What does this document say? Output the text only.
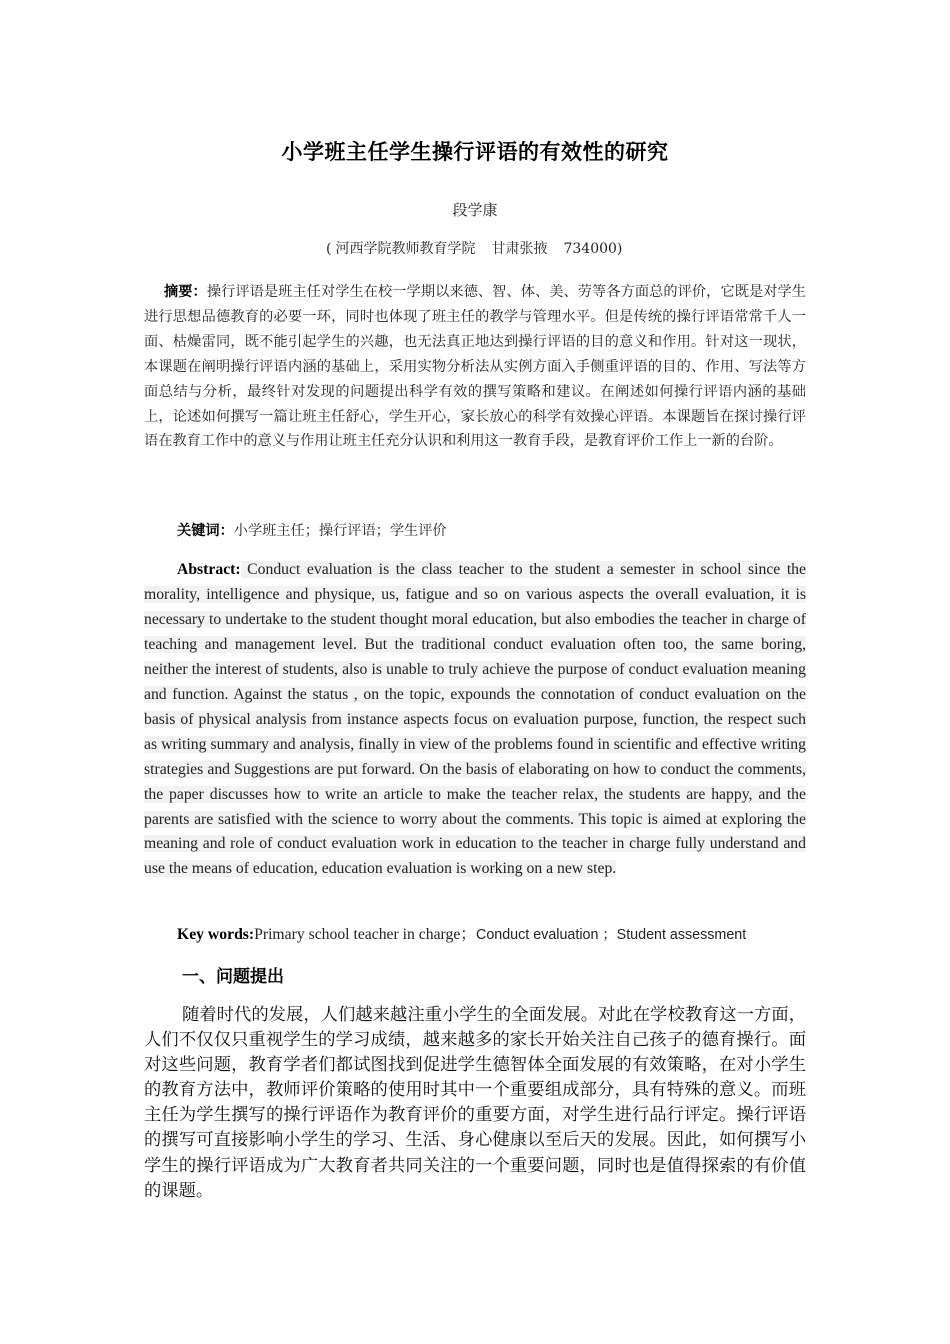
小学班主任学生操行评语的有效性的研究
段学康
( 河西学院教师教育学院 甘肃张掖 734000)
摘要：操行评语是班主任对学生在校一学期以来德、智、体、美、劳等各方面总的评价，它既是对学生进行思想品德教育的必要一环，同时也体现了班主任的教学与管理水平。但是传统的操行评语常常千人一面、枯燥雷同，既不能引起学生的兴趣，也无法真正地达到操行评语的目的意义和作用。针对这一现状，本课题在阐明操行评语内涵的基础上，采用实物分析法从实例方面入手侧重评语的目的、作用、写法等方面总结与分析，最终针对发现的问题提出科学有效的撰写策略和建议。在阐述如何操行评语内涵的基础上，论述如何撰写一篇让班主任舒心，学生开心，家长放心的科学有效操心评语。本课题旨在探讨操行评语在教育工作中的意义与作用让班主任充分认识和利用这一教育手段，是教育评价工作上一新的台阶。
关键词：小学班主任；操行评语；学生评价
Abstract: Conduct evaluation is the class teacher to the student a semester in school since the morality, intelligence and physique, us, fatigue and so on various aspects the overall evaluation, it is necessary to undertake to the student thought moral education, but also embodies the teacher in charge of teaching and management level. But the traditional conduct evaluation often too, the same boring, neither the interest of students, also is unable to truly achieve the purpose of conduct evaluation meaning and function. Against the status , on the topic, expounds the connotation of conduct evaluation on the basis of physical analysis from instance aspects focus on evaluation purpose, function, the respect such as writing summary and analysis, finally in view of the problems found in scientific and effective writing strategies and Suggestions are put forward. On the basis of elaborating on how to conduct the comments, the paper discusses how to write an article to make the teacher relax, the students are happy, and the parents are satisfied with the science to worry about the comments. This topic is aimed at exploring the meaning and role of conduct evaluation work in education to the teacher in charge fully understand and use the means of education, education evaluation is working on a new step.
Key words:Primary school teacher in charge；Conduct evaluation ；Student assessment
一、问题提出
随着时代的发展，人们越来越注重小学生的全面发展。对此在学校教育这一方面，人们不仅仅只重视学生的学习成绩，越来越多的家长开始关注自己孩子的德育操行。面对这些问题，教育学者们都试图找到促进学生德智体全面发展的有效策略，在对小学生的教育方法中，教师评价策略的使用时其中一个重要组成部分，具有特殊的意义。而班主任为学生撰写的操行评语作为教育评价的重要方面，对学生进行品行评定。操行评语的撰写可直接影响小学生的学习、生活、身心健康以至后天的发展。因此，如何撰写小学生的操行评语成为广大教育者共同关注的一个重要问题，同时也是值得探索的有价值的课题。
